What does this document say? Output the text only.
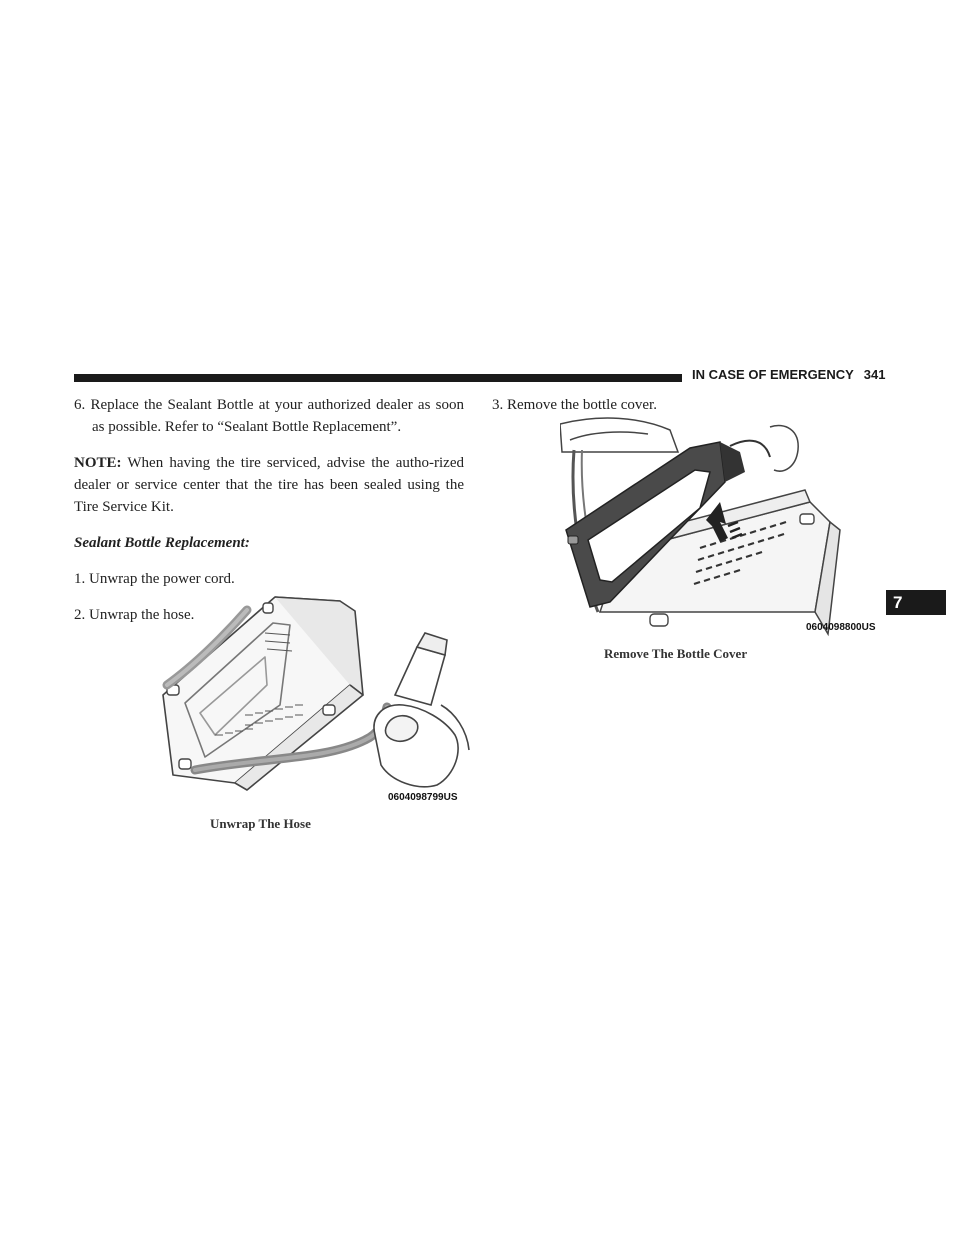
IN CASE OF EMERGENCY 341
7

6. Replace the Sealant Bottle at your authorized dealer as soon as possible. Refer to “Sealant Bottle Replacement”.

NOTE: When having the tire serviced, advise the autho-rized dealer or service center that the tire has been sealed using the Tire Service Kit.

Sealant Bottle Replacement:

1. Unwrap the power cord.

2. Unwrap the hose.

3. Remove the bottle cover.

0604098799US
Unwrap The Hose
0604098800US
Remove The Bottle Cover
